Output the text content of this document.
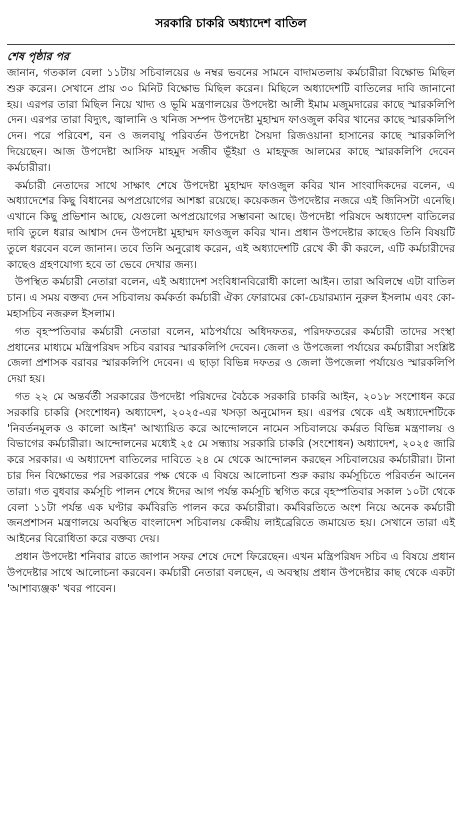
সরকারি চাকরি অধ্যাদেশ বাতিল
শেষ পৃষ্ঠার পর

জানান, গতকাল বেলা ১১টায় সচিবালয়ের ৬ নম্বর ভবনের সামনে বাদামতলায় কর্মচারীরা বিক্ষোভ মিছিল শুরু করেন। সেখানে প্রায় ৩০ মিনিট বিক্ষোভ মিছিল করেন। মিছিলে অধ্যাদেশটি বাতিলের দাবি জানানো হয়। এরপর তারা মিছিল নিয়ে খাদ্য ও ভূমি মন্ত্রণালয়ের উপদেষ্টা আলী ইমাম মজুমদারের কাছে স্মারকলিপি দেন। এরপর তারা বিদ্যুৎ, জ্বালানি ও খনিজ সম্পদ উপদেষ্টা মুহাম্মদ ফাওজুল কবির খানের কাছে স্মারকলিপি দেন। পরে পরিবেশ, বন ও জলবায়ু পরিবর্তন উপদেষ্টা সৈয়দা রিজওয়ানা হাসানের কাছে স্মারকলিপি দিয়েছেন। আজ উপদেষ্টা আসিফ মাহমুদ সজীব ভূঁইয়া ও মাহফুজ আলমের কাছে স্মারকলিপি দেবেন কর্মচারীরা।

কর্মচারী নেতাদের সাথে সাক্ষাৎ শেষে উপদেষ্টা মুহাম্মদ ফাওজুল কবির খান সাংবাদিকদের বলেন, এ অধ্যাদেশের কিছু বিধানের অপপ্রয়োগের আশঙ্কা রয়েছে। কয়েকজন উপদেষ্টার নজরে এই জিনিসটা এনেছি। এখানে কিছু প্রভিশান আছে, যেগুলো অপপ্রয়োগের সম্ভাবনা আছে। উপদেষ্টা পরিষদে অধ্যাদেশ বাতিলের দাবি তুলে ধরার আশ্বাস দেন উপদেষ্টা মুহাম্মদ ফাওজুল কবির খান। প্রধান উপদেষ্টার কাছেও তিনি বিষয়টি তুলে ধরবেন বলে জানান। তবে তিনি অনুরোধ করেন, এই অধ্যাদেশটি রেখে কী কী করলে, এটি কর্মচারীদের কাছেও গ্রহণযোগ্য হবে তা ভেবে দেখার জন্য।

উপস্থিত কর্মচারী নেতারা বলেন, এই অধ্যাদেশ সংবিধানবিরোধী কালো আইন। তারা অবিলম্বে এটা বাতিল চান। এ সময় বক্তব্য দেন সচিবালয় কর্মকর্তা কর্মচারী ঐক্য ফোরামের কো-চেয়ারম্যান নুরুল ইসলাম এবং কো-মহাসচিব নজরুল ইসলাম।

গত বৃহস্পতিবার কর্মচারী নেতারা বলেন, মাঠপর্যায়ে অধিদফতর, পরিদফতরের কর্মচারী তাদের সংস্থা প্রধানের মাধ্যমে মন্ত্রিপরিষদ সচিব বরাবর স্মারকলিপি দেবেন। জেলা ও উপজেলা পর্যায়ের কর্মচারীরা সংশ্লিষ্ট জেলা প্রশাসক বরাবর স্মারকলিপি দেবেন। এ ছাড়া বিভিন্ন দফতর ও জেলা উপজেলা পর্যায়েও স্মারকলিপি দেয়া হয়।

গত ২২ মে অন্তর্বর্তী সরকারের উপদেষ্টা পরিষদের বৈঠকে সরকারি চাকরি আইন, ২০১৮ সংশোধন করে সরকারি চাকরি (সংশোধন) অধ্যাদেশ, ২০২৫-এর খসড়া অনুমোদন হয়। এরপর থেকে এই অধ্যাদেশটিকে 'নিবর্তনমূলক ও কালো আইন' আখ্যায়িত করে আন্দোলনে নামেন সচিবালয়ে কর্মরত বিভিন্ন মন্ত্রণালয় ও বিভাগের কর্মচারীরা। আন্দোলনের মধ্যেই ২৫ মে সন্ধ্যায় সরকারি চাকরি (সংশোধন) অধ্যাদেশ, ২০২৫ জারি করে সরকার। এ অধ্যাদেশ বাতিলের দাবিতে ২৪ মে থেকে আন্দোলন করছেন সচিবালয়ের কর্মচারীরা। টানা চার দিন বিক্ষোভের পর সরকারের পক্ষ থেকে এ বিষয়ে আলোচনা শুরু করায় কর্মসূচিতে পরিবর্তন আনেন তারা। গত বুধবার কর্মসূচি পালন শেষে ঈদের আগ পর্যন্ত কর্মসূচি স্থগিত করে বৃহস্পতিবার সকাল ১০টা থেকে বেলা ১১টা পর্যন্ত এক ঘণ্টার কর্মবিরতি পালন করে কর্মচারীরা। কর্মবিরতিতে অংশ নিয়ে অনেক কর্মচারী জনপ্রশাসন মন্ত্রণালয়ে অবস্থিত বাংলাদেশ সচিবালয় কেন্দ্রীয় লাইব্রেরিতে জমায়েত হয়। সেখানে তারা এই আইনের বিরোধিতা করে বক্তব্য দেয়।

প্রধান উপদেষ্টা শনিবার রাতে জাপান সফর শেষে দেশে ফিরেছেন। এখন মন্ত্রিপরিষদ সচিব এ বিষয়ে প্রধান উপদেষ্টার সাথে আলোচনা করবেন। কর্মচারী নেতারা বলছেন, এ অবস্থায় প্রধান উপদেষ্টার কাছ থেকে একটা 'আশাব্যঞ্জক' খবর পাবেন।
